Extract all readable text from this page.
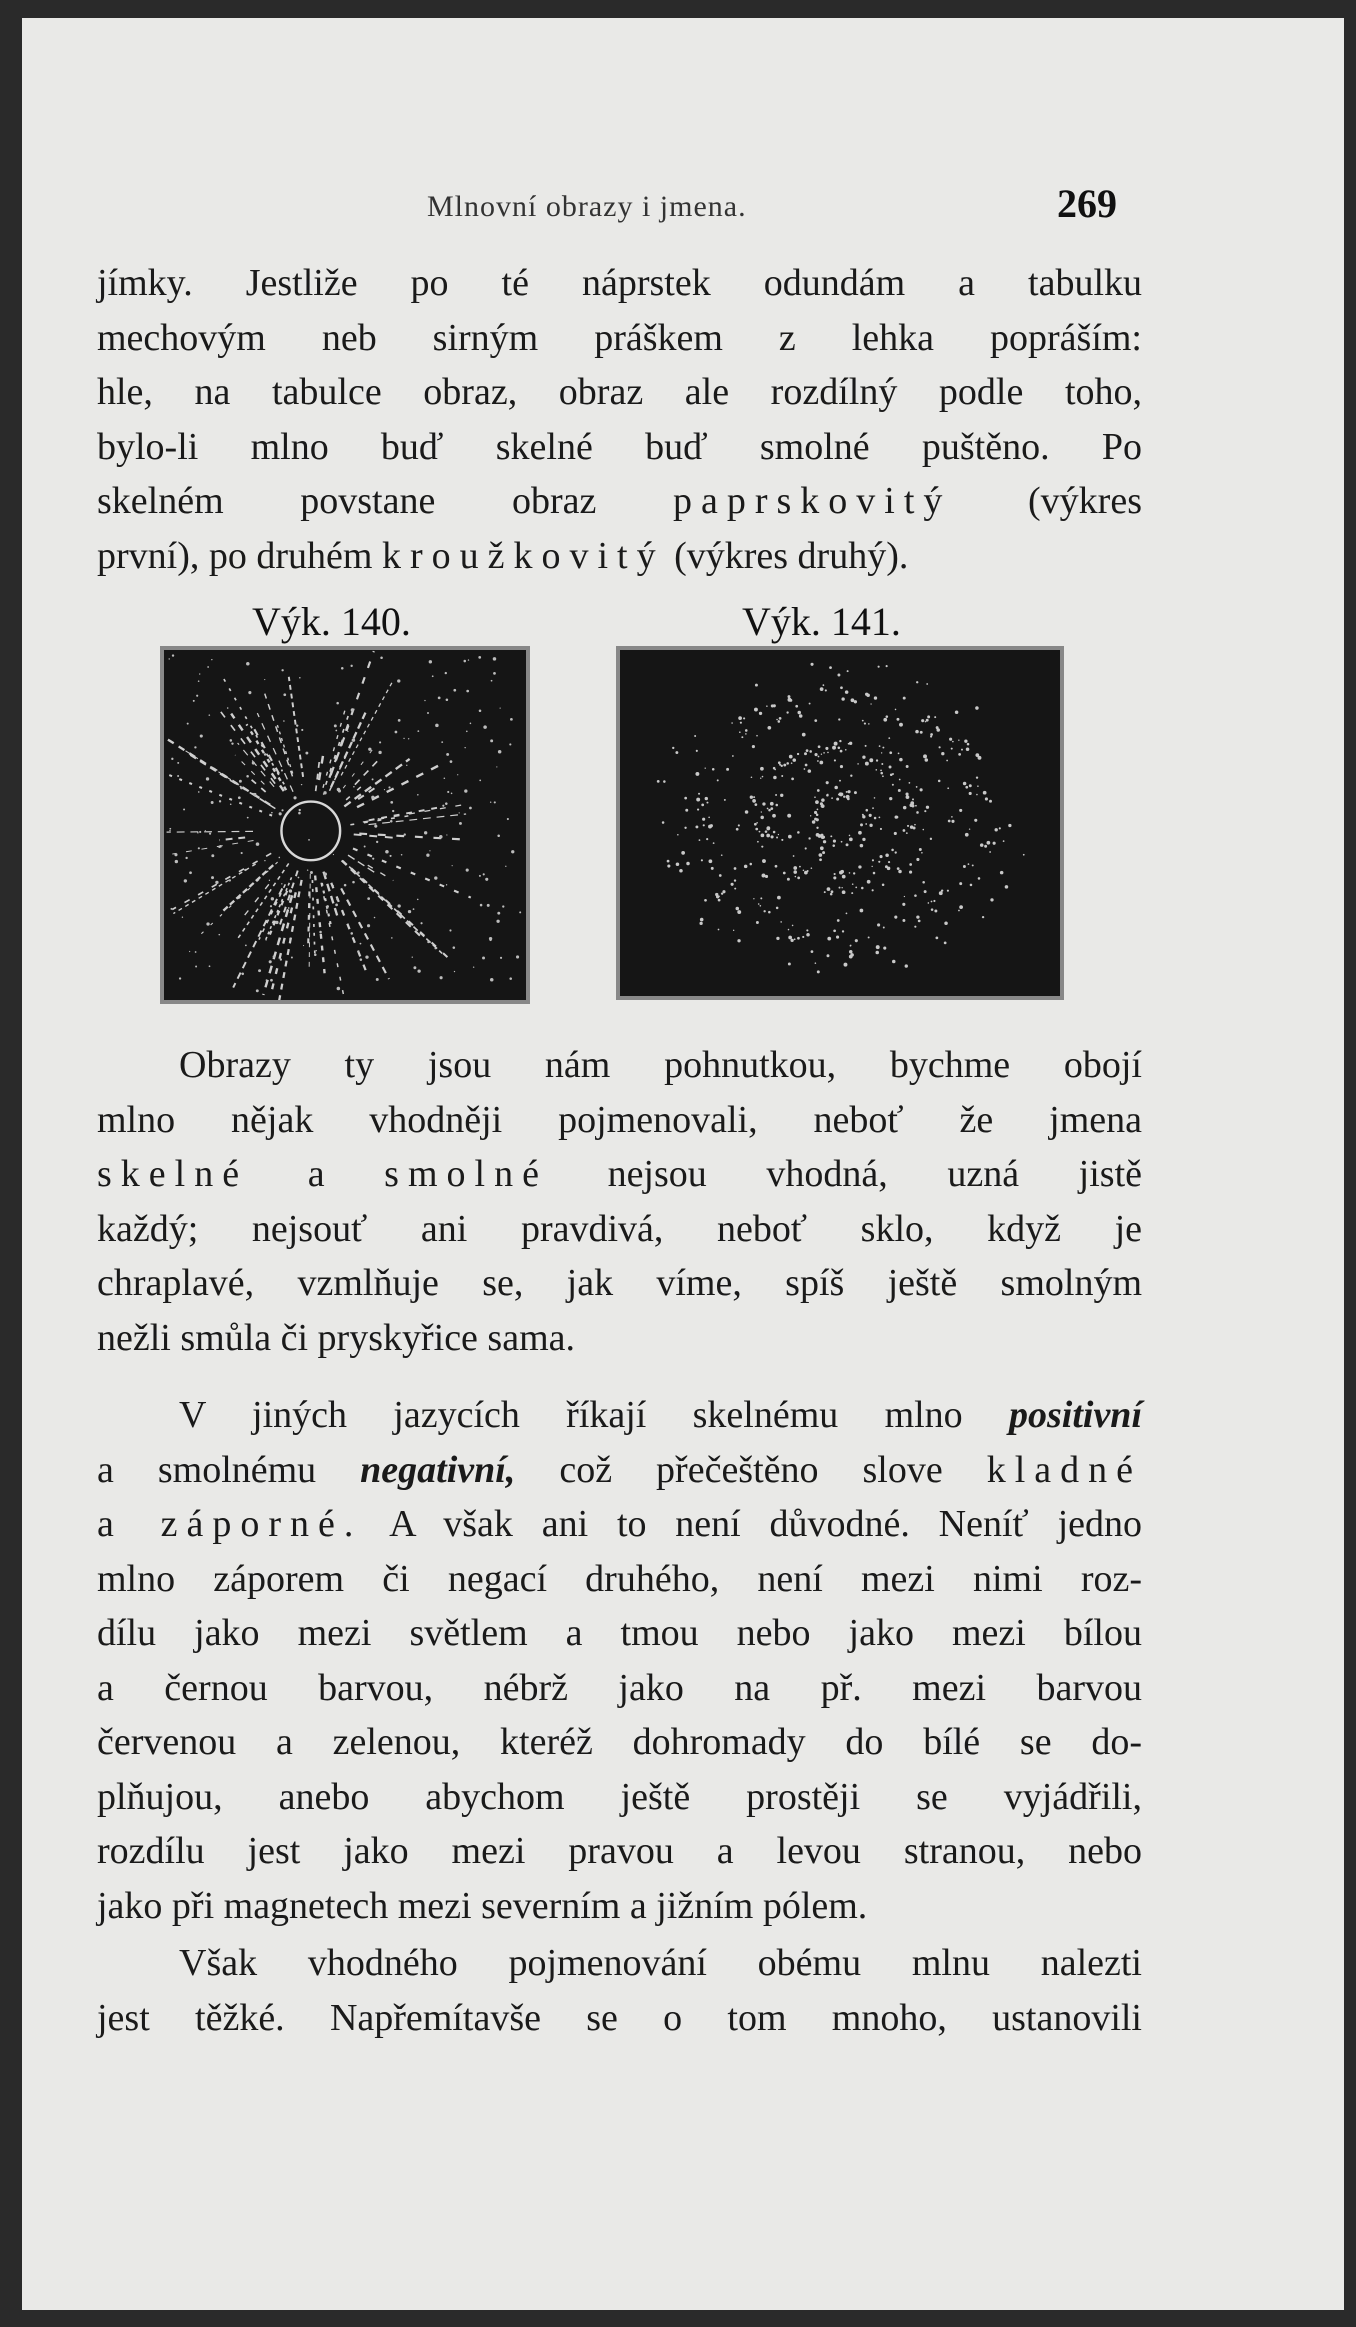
Mlnovní obrazy i jmena.	269

jímky. Jestliže po té náprstek odundám a tabulku

mechovým neb sirným práškem z lehka popráším:

hle, na tabulce obraz, obraz ale rozdílný podle toho,

bylo-li mlno buď skelné buď smolné puštěno. Po

skelném povstane obraz paprskovitý (výkres

první), po druhém kroužkovitý (výkres druhý).

Výk. 140.	Výk. 141.

Obrazy ty jsou nám pohnutkou, bychme obojí

mlno nějak vhodněji pojmenovali, neboť že jmena

skelné a smolné nejsou vhodná, uzná jistě

každý; nejsouť ani pravdivá, neboť sklo, když je

chraplavé, vzmlňuje se, jak víme, spíš ještě smolným

nežli smůla či pryskyřice sama.

V jiných jazycích říkají skelnému mlno positivní

a smolnému negativní, což přečeštěno slove kladné

a záporné. A však ani to není důvodné. Neníť jedno

mlno záporem či negací druhého, není mezi nimi roz-

dílu jako mezi světlem a tmou nebo jako mezi bílou

a černou barvou, nébrž jako na př. mezi barvou

červenou a zelenou, kteréž dohromady do bílé se do-

plňujou, anebo abychom ještě prostěji se vyjádřili,

rozdílu jest jako mezi pravou a levou stranou, nebo

jako při magnetech mezi severním a jižním pólem.

Však vhodného pojmenování obému mlnu nalezti

jest těžké. Napřemítavše se o tom mnoho, ustanovili
